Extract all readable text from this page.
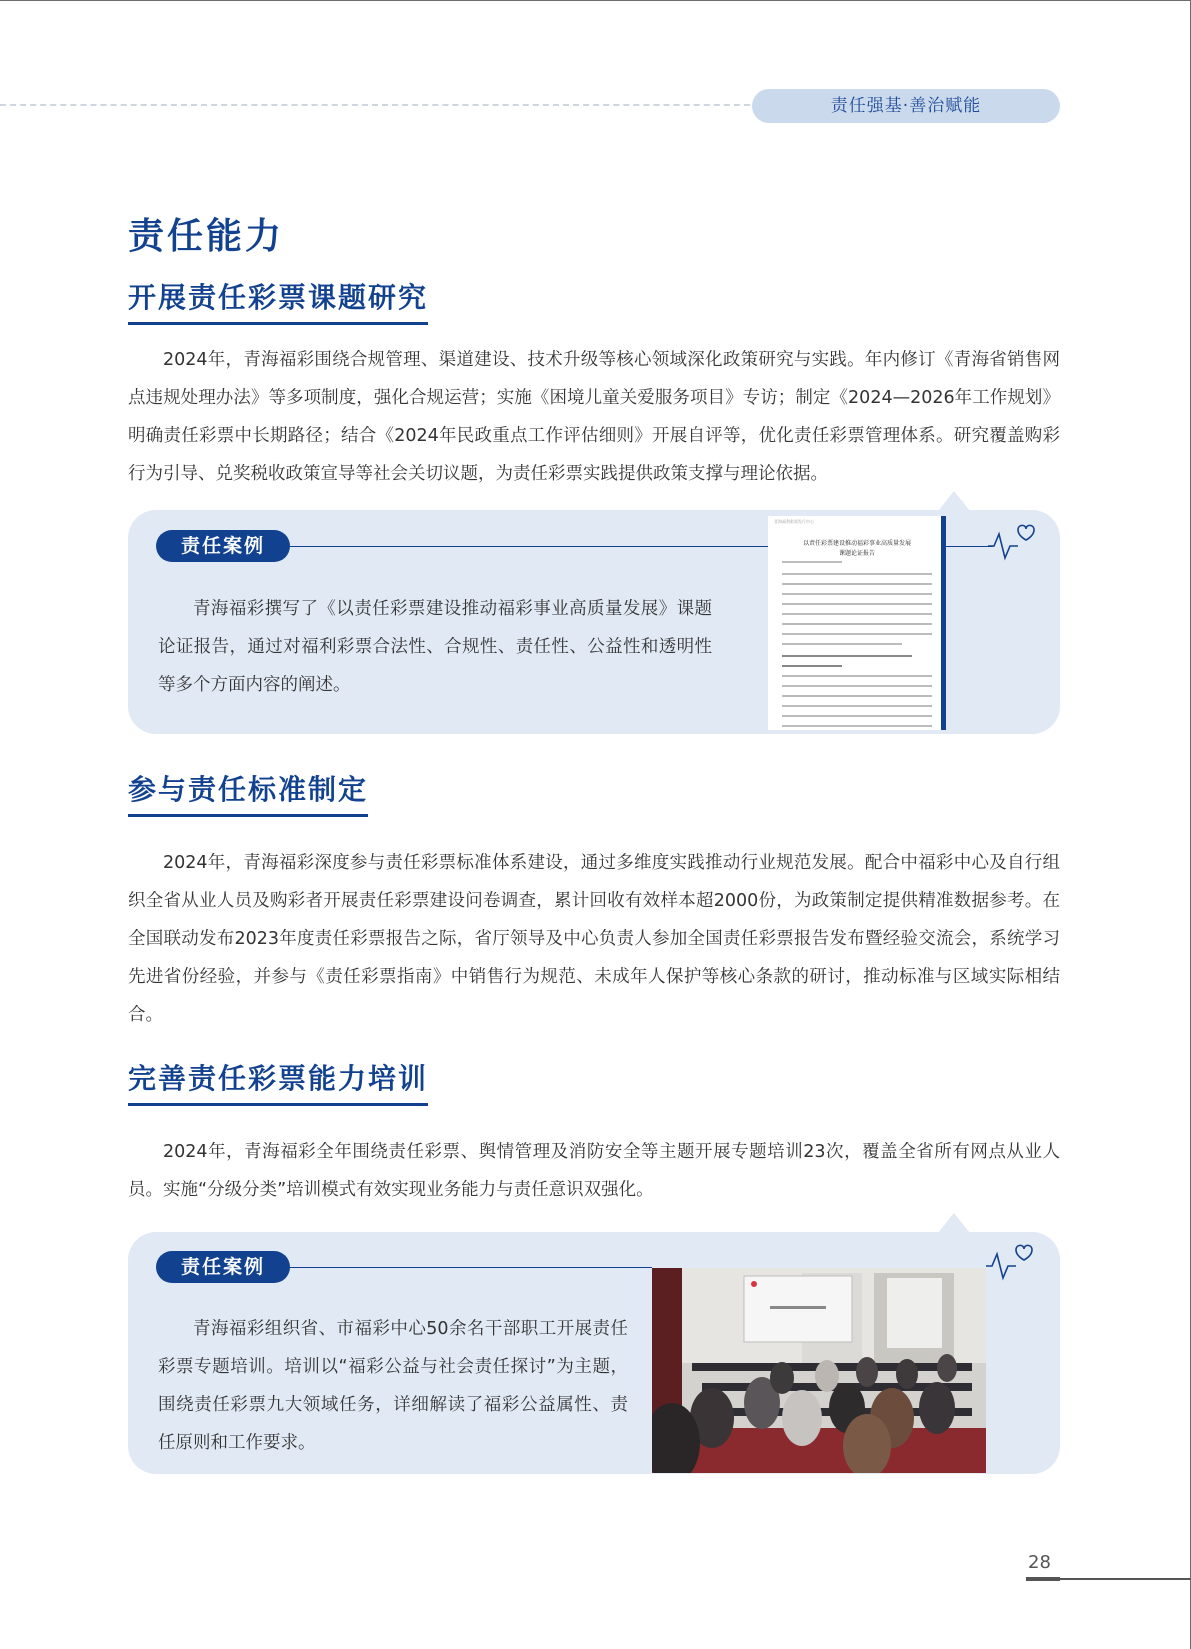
责任强基·善治赋能
责任能力
开展责任彩票课题研究

2024年，青海福彩围绕合规管理、渠道建设、技术升级等核心领域深化政策研究与实践。年内修订《青海省销售网点违规处理办法》等多项制度，强化合规运营；实施《困境儿童关爱服务项目》专访；制定《2024—2026年工作规划》明确责任彩票中长期路径；结合《2024年民政重点工作评估细则》开展自评等，优化责任彩票管理体系。研究覆盖购彩行为引导、兑奖税收政策宣导等社会关切议题，为责任彩票实践提供政策支撑与理论依据。

责任案例

青海福彩撰写了《以责任彩票建设推动福彩事业高质量发展》课题论证报告，通过对福利彩票合法性、合规性、责任性、公益性和透明性等多个方面内容的阐述。

青海福利彩票发行中心
以责任彩票建设推动福彩事业高质量发展
课题论证报告
参与责任标准制定

2024年，青海福彩深度参与责任彩票标准体系建设，通过多维度实践推动行业规范发展。配合中福彩中心及自行组织全省从业人员及购彩者开展责任彩票建设问卷调查，累计回收有效样本超2000份，为政策制定提供精准数据参考。在全国联动发布2023年度责任彩票报告之际，省厅领导及中心负责人参加全国责任彩票报告发布暨经验交流会，系统学习先进省份经验，并参与《责任彩票指南》中销售行为规范、未成年人保护等核心条款的研讨，推动标准与区域实际相结合。

完善责任彩票能力培训

2024年，青海福彩全年围绕责任彩票、舆情管理及消防安全等主题开展专题培训23次，覆盖全省所有网点从业人员。实施“分级分类”培训模式有效实现业务能力与责任意识双强化。

责任案例

青海福彩组织省、市福彩中心50余名干部职工开展责任彩票专题培训。培训以“福彩公益与社会责任探讨”为主题，围绕责任彩票九大领域任务，详细解读了福彩公益属性、责任原则和工作要求。

28
